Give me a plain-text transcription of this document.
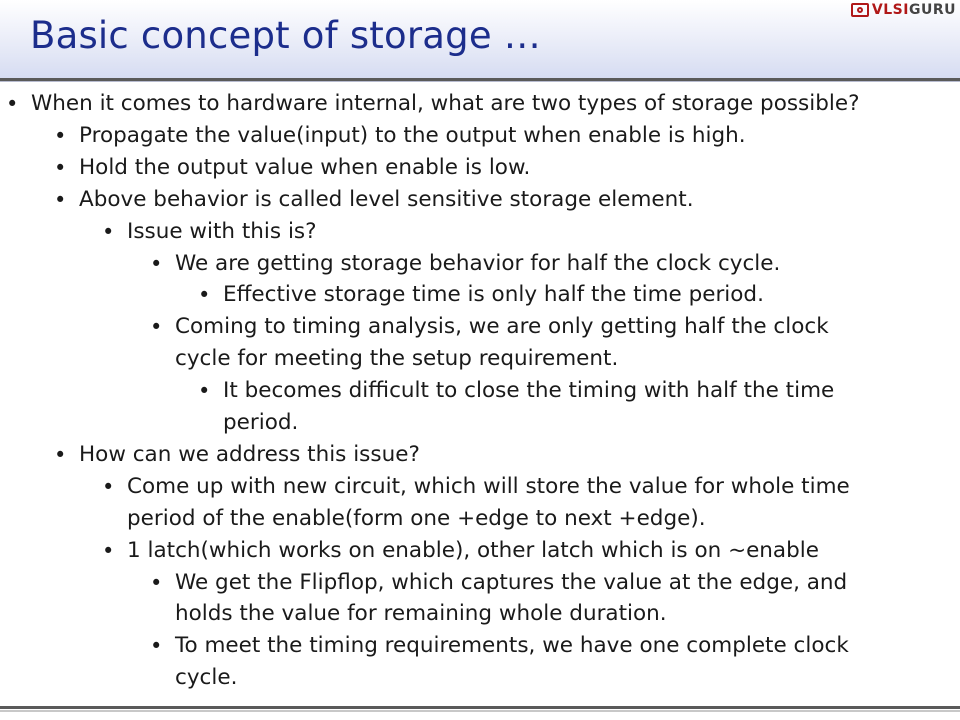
Basic concept of storage …
VLSIGURU
• When it comes to hardware internal, what are two types of storage possible?
• Propagate the value(input) to the output when enable is high.
• Hold the output value when enable is low.
• Above behavior is called level sensitive storage element.
• Issue with this is?
• We are getting storage behavior for half the clock cycle.
• Effective storage time is only half the time period.
• Coming to timing analysis, we are only getting half the clock
cycle for meeting the setup requirement.
• It becomes difficult to close the timing with half the time
period.
• How can we address this issue?
• Come up with new circuit, which will store the value for whole time
period of the enable(form one +edge to next +edge).
• 1 latch(which works on enable), other latch which is on ~enable
• We get the Flipflop, which captures the value at the edge, and
holds the value for remaining whole duration.
• To meet the timing requirements, we have one complete clock
cycle.
